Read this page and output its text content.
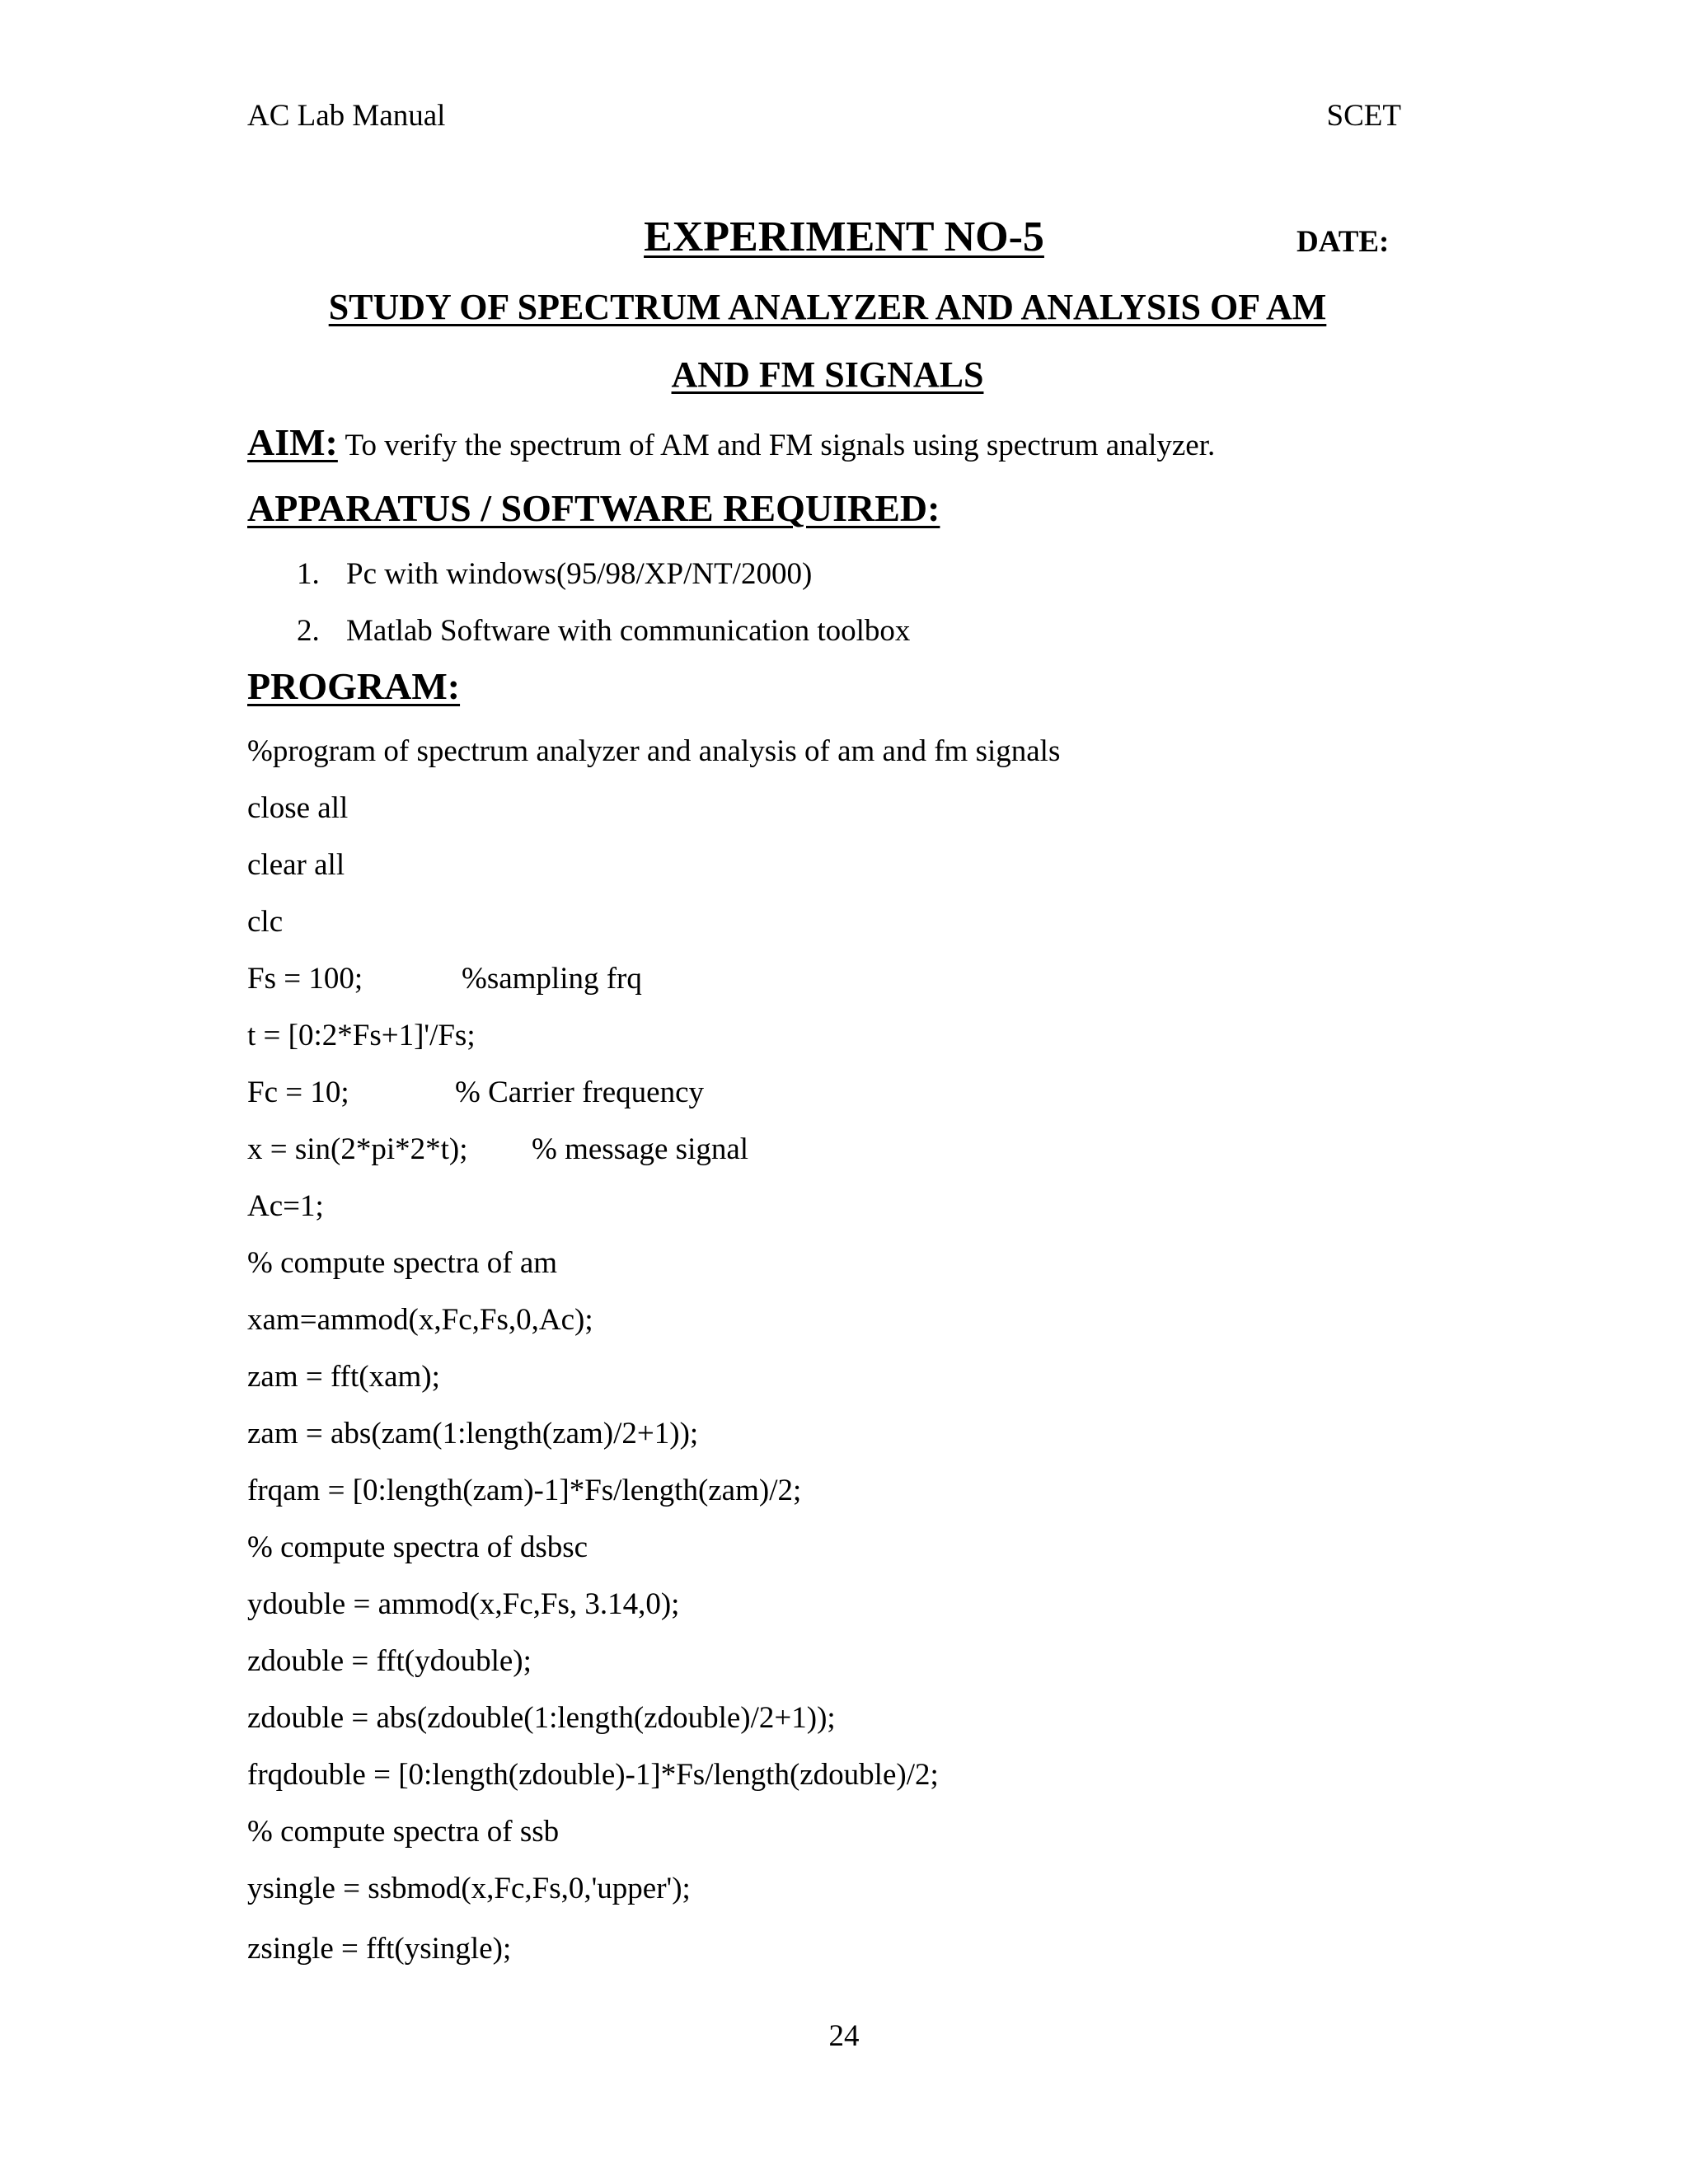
AC Lab Manual	SCET
EXPERIMENT NO-5	DATE:
STUDY OF SPECTRUM ANALYZER AND ANALYSIS OF AM
AND FM SIGNALS
AIM: To verify the spectrum of AM and FM signals using spectrum analyzer.
APPARATUS / SOFTWARE REQUIRED:
1. Pc with windows(95/98/XP/NT/2000)
2. Matlab Software with communication toolbox
PROGRAM:
%program of spectrum analyzer and analysis of am and fm signals
close all
clear all
clc
Fs = 100;	%sampling frq
t = [0:2*Fs+1]'/Fs;
Fc = 10;	% Carrier frequency
x = sin(2*pi*2*t); % message signal
Ac=1;
% compute spectra of am
xam=ammod(x,Fc,Fs,0,Ac);
zam = fft(xam);
zam = abs(zam(1:length(zam)/2+1));
frqam = [0:length(zam)-1]*Fs/length(zam)/2;
% compute spectra of dsbsc
ydouble = ammod(x,Fc,Fs, 3.14,0);
zdouble = fft(ydouble);
zdouble = abs(zdouble(1:length(zdouble)/2+1));
frqdouble = [0:length(zdouble)-1]*Fs/length(zdouble)/2;
% compute spectra of ssb
ysingle = ssbmod(x,Fc,Fs,0,'upper');
zsingle = fft(ysingle);
24
